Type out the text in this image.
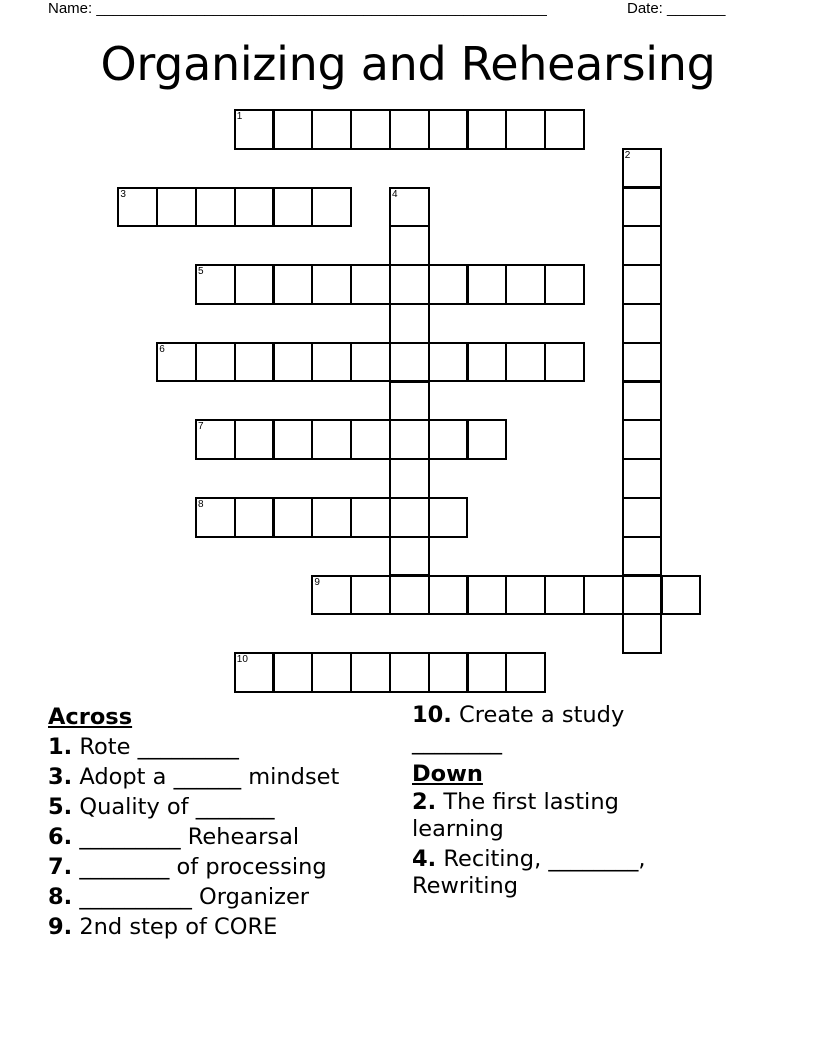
Name: ______________________________________________________	Date: _______
Organizing and Rehearsing
1
2
3	4
5
6
7
8
9
10
Across
1. Rote _________
3. Adopt a ______ mindset
5. Quality of _______
6. _________ Rehearsal
7. ________ of processing
8. __________ Organizer
9. 2nd step of CORE
10. Create a study ________
Down
2. The first lasting learning
4. Reciting, ________, Rewriting
